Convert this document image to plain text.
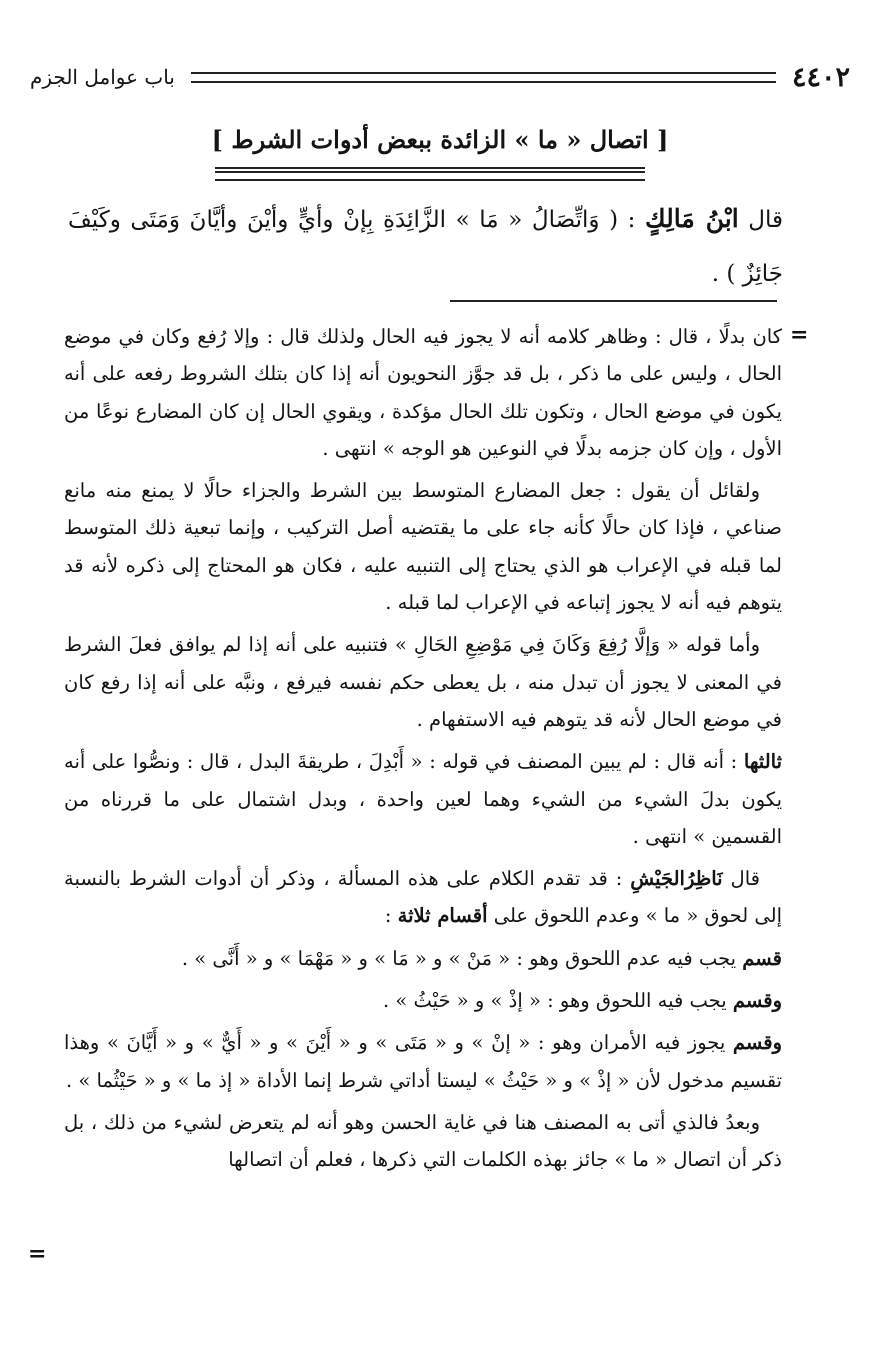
٤٤٠٢
باب عوامل الجزم
[ اتصال « ما » الزائدة ببعض أدوات الشرط ]
قال ابْنُ مَالِكٍ : ( وَاتِّصَالُ « مَا » الزَّائِدَةِ بِإنْ وأيٍّ وأيْنَ وأيَّانَ وَمَتَى وكَيْفَ جَائِزٌ ) .
=

كان بدلًا ، قال : وظاهر كلامه أنه لا يجوز فيه الحال ولذلك قال : وإلا رُفع وكان في موضع الحال ، وليس على ما ذكر ، بل قد جوَّز النحويون أنه إذا كان بتلك الشروط رفعه على أنه يكون في موضع الحال ، وتكون تلك الحال مؤكدة ، ويقوي الحال إن كان المضارع نوعًا من الأول ، وإن كان جزمه بدلًا في النوعين هو الوجه » انتهى .

ولقائل أن يقول : جعل المضارع المتوسط بين الشرط والجزاء حالًا لا يمنع منه مانع صناعي ، فإذا كان حالًا كأنه جاء على ما يقتضيه أصل التركيب ، وإنما تبعية ذلك المتوسط لما قبله في الإعراب هو الذي يحتاج إلى التنبيه عليه ، فكان هو المحتاج إلى ذكره لأنه قد يتوهم فيه أنه لا يجوز إتباعه في الإعراب لما قبله .

وأما قوله « وَإلَّا رُفِعَ وَكَانَ فِي مَوْضِعِ الحَالِ » فتنبيه على أنه إذا لم يوافق فعلَ الشرط في المعنى لا يجوز أن تبدل منه ، بل يعطى حكم نفسه فيرفع ، ونبَّه على أنه إذا رفع كان في موضع الحال لأنه قد يتوهم فيه الاستفهام .

ثالثها : أنه قال : لم يبين المصنف في قوله : « أَبْدِلَ ، طريقةَ البدل ، قال : ونصُّوا على أنه يكون بدلَ الشيء من الشيء وهما لعين واحدة ، وبدل اشتمال على ما قررناه من القسمين » انتهى .

قال نَاظِرُالجَيْشِ : قد تقدم الكلام على هذه المسألة ، وذكر أن أدوات الشرط بالنسبة إلى لحوق « ما » وعدم اللحوق على أقسام ثلاثة :

قسم يجب فيه عدم اللحوق وهو : « مَنْ » و « مَا » و « مَهْمَا » و « أَنَّى » .

وقسم يجب فيه اللحوق وهو : « إذْ » و « حَيْثُ » .

وقسم يجوز فيه الأمران وهو : « إنْ » و « مَتَى » و « أَيْنَ » و « أَيٌّ » و « أَيَّانَ » وهذا تقسيم مدخول لأن « إذْ » و « حَيْثُ » ليستا أداتي شرط إنما الأداة « إذ ما » و « حَيْثُما » .

وبعدُ فالذي أتى به المصنف هنا في غاية الحسن وهو أنه لم يتعرض لشيء من ذلك ، بل ذكر أن اتصال « ما » جائز بهذه الكلمات التي ذكرها ، فعلم أن اتصالها

=
